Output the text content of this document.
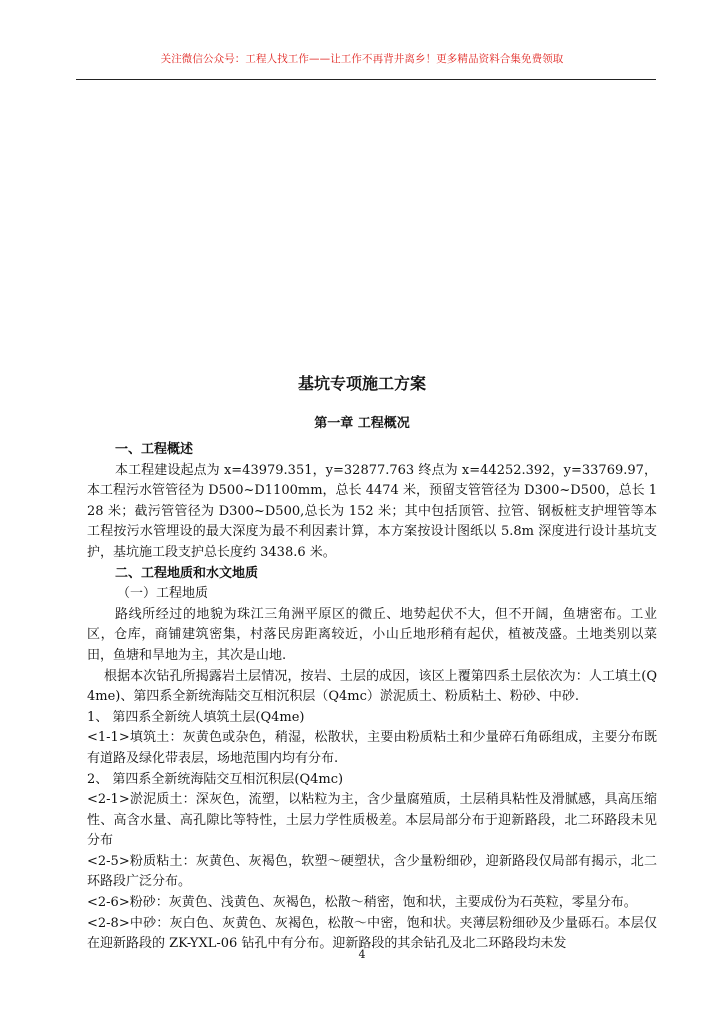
关注微信公众号：工程人找工作——让工作不再背井离乡！更多精品资料合集免费领取
基坑专项施工方案
第一章 工程概况
一、工程概述
本工程建设起点为 x=43979.351，y=32877.763 终点为 x=44252.392，y=33769.97，本工程污水管管径为 D500~D1100mm，总长 4474 米，预留支管管径为 D300~D500，总长 128 米；截污管管径为 D300~D500,总长为 152 米；其中包括顶管、拉管、钢板桩支护埋管等本工程按污水管埋设的最大深度为最不利因素计算，本方案按设计图纸以 5.8m 深度进行设计基坑支护，基坑施工段支护总长度约 3438.6 米。
二、工程地质和水文地质
（一）工程地质
路线所经过的地貌为珠江三角洲平原区的微丘、地势起伏不大，但不开阔，鱼塘密布。工业区，仓库，商铺建筑密集，村落民房距离较近，小山丘地形稍有起伏，植被茂盛。土地类别以菜田，鱼塘和旱地为主，其次是山地.
根据本次钻孔所揭露岩土层情况，按岩、土层的成因，该区上覆第四系土层依次为：人工填土(Q4me)、第四系全新统海陆交互相沉积层（Q4mc）淤泥质土、粉质粘土、粉砂、中砂.
1、 第四系全新统人填筑土层(Q4me)
<1-1>填筑土：灰黄色或杂色，稍湿，松散状，主要由粉质粘土和少量碎石角砾组成，主要分布既有道路及绿化带表层，场地范围内均有分布.
2、 第四系全新统海陆交互相沉积层(Q4mc)
<2-1>淤泥质土：深灰色，流塑，以粘粒为主，含少量腐殖质，土层稍具粘性及滑腻感，具高压缩性、高含水量、高孔隙比等特性，土层力学性质极差。本层局部分布于迎新路段，北二环路段未见分布
<2-5>粉质粘土：灰黄色、灰褐色，软塑～硬塑状，含少量粉细砂，迎新路段仅局部有揭示，北二环路段广泛分布。
<2-6>粉砂：灰黄色、浅黄色、灰褐色，松散～稍密，饱和状，主要成份为石英粒，零星分布。
<2-8>中砂：灰白色、灰黄色、灰褐色，松散～中密，饱和状。夹薄层粉细砂及少量砾石。本层仅在迎新路段的 ZK-YXL-06 钻孔中有分布。迎新路段的其余钻孔及北二环路段均未发
4
